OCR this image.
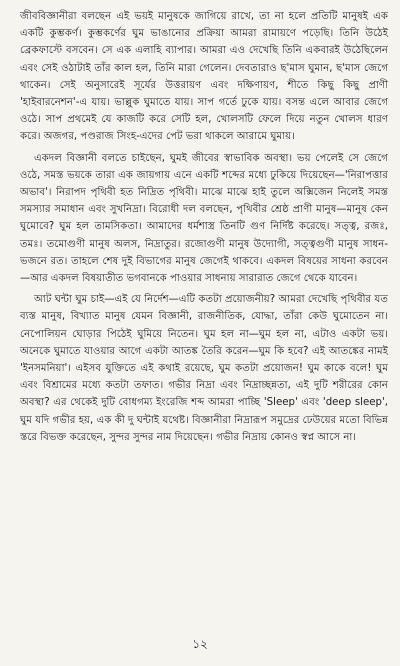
জীববিজ্ঞানীরা বলছেন এই ভয়ই মানুষকে জাগিয়ে রাখে, তা না হলে প্রতিটি মানুষই এক একটি কুম্ভকর্ণ। কুম্ভকর্ণের ঘুম ভাঙানোর প্রক্রিয়া আমরা রামায়ণে পড়েছি। তিনি উঠেই ব্রেকফাস্টে বসবেন। সে এক এলাহি ব্যাপার। আমরা এও দেখেছি তিনি একবারই উঠেছিলেন এবং সেই ওঠাটাই তাঁর কাল হল, তিনি মারা গেলেন। দেবতারাও ছ'মাস ঘুমান, ছ'মাস জেগে থাকেন। সেই অনুসারেই সূর্যের উত্তরায়ণ এবং দক্ষিণায়ণ, শীতে কিছু কিছু প্রাণী 'হাইবারনেশন'-এ যায়। ভাল্লুক ঘুমাতে যায়। সাপ গর্তে ঢুকে যায়। বসন্ত এলে আবার জেগে ওঠে। সাপ প্রথমেই যে কাজটি করে সেটি হল, খোলসটি ফেলে দিয়ে নতুন খোলস ধারণ করে। অজগর, পণ্ডরাজ সিংহ-এদের পেট ভরা থাকলে আরামে ঘুমায়।

একদল বিজ্ঞানী বলতে চাইছেন, ঘুমই জীবের স্বাভাবিক অবস্থা। ভয় পেলেই সে জেগে ওঠে, সমস্ত ভয়কে তারা এক জায়গায় এনে একটি শব্দের মধ্যে ঢুকিয়ে দিয়েছেন—'নিরাপত্তার অভাব'। নিরাপদ পৃথিবী হত নিদ্রিত পৃথিবী। মাঝে মাঝে হাই তুলে অক্সিজেন নিলেই সমস্ত সমস্যার সমাধান এবং সুখনিদ্রা। বিরোধী দল বলছেন, পৃথিবীর শ্রেষ্ঠ প্রাণী মানুষ—মানুষ কেন ঘুমোবে? ঘুম হল তামসিকতা। আমাদের ধর্মশাস্ত্র তিনটি গুণ নির্দিষ্ট করেছে। সত্ত্ব, রজঃ, তমঃ। তমোগুণী মানুষ অলস, নিদ্রাতুর। রজোগুণী মানুষ উদ্যোগী, সত্ত্বগুণী মানুষ সাধন-ভজনে রত। তাহলে শেষ দুই বিভাগের মানুষ জেগেই থাকবে। একদল বিষয়ের সাধনা করবেন—আর একদল বিষয়াতীত ভগবানকে পাওয়ার সাধনায় সারারাত জেগে থেকে যাবেন।

আট ঘন্টা ঘুম চাই—এই যে নির্দেশ—এটি কতটা প্রয়োজনীয়? আমরা দেখেছি পৃথিবীর যত ব্যস্ত মানুষ, বিখ্যাত মানুষ যেমন বিজ্ঞানী, রাজনীতিক, যোদ্ধা, তাঁরা কেউ ঘুমোতেন না। নেপোলিয়ন ঘোড়ার পিঠেই ঘুমিয়ে নিতেন। ঘুম হল না—ঘুম হল না, এটাও একটা ভয়। অনেকে ঘুমাতে যাওয়ার আগে একটা আতঙ্ক তৈরি করেন—ঘুম কি হবে? এই আতঙ্কের নামই 'ইনসমনিয়া'। এইসব যুক্তিতে এই কথাই রয়েছে, ঘুম কতটা প্রয়োজন! ঘুম কাকে বলে! ঘুম এবং বিশ্রামের মধ্যে কতটা তফাত। গভীর নিদ্রা এবং নিদ্রাচ্ছন্নতা, এই দুটি শরীরের কোন অবস্থা? এর থেকেই দুটি বোধগম্য ইংরেজি শব্দ আমরা পাচ্ছি 'Sleep' এবং 'deep sleep', ঘুম যদি গভীর হয়, এক কী দু ঘন্টাই যথেষ্ট। বিজ্ঞানীরা নিদ্রারূপ সমুদ্রের ঢেউয়ের মতো বিভিন্ন স্তরে বিভক্ত করেছেন, সুন্দর সুন্দর নাম দিয়েছেন। গভীর নিদ্রায় কোনও স্বপ্ন আসে না।

১২
